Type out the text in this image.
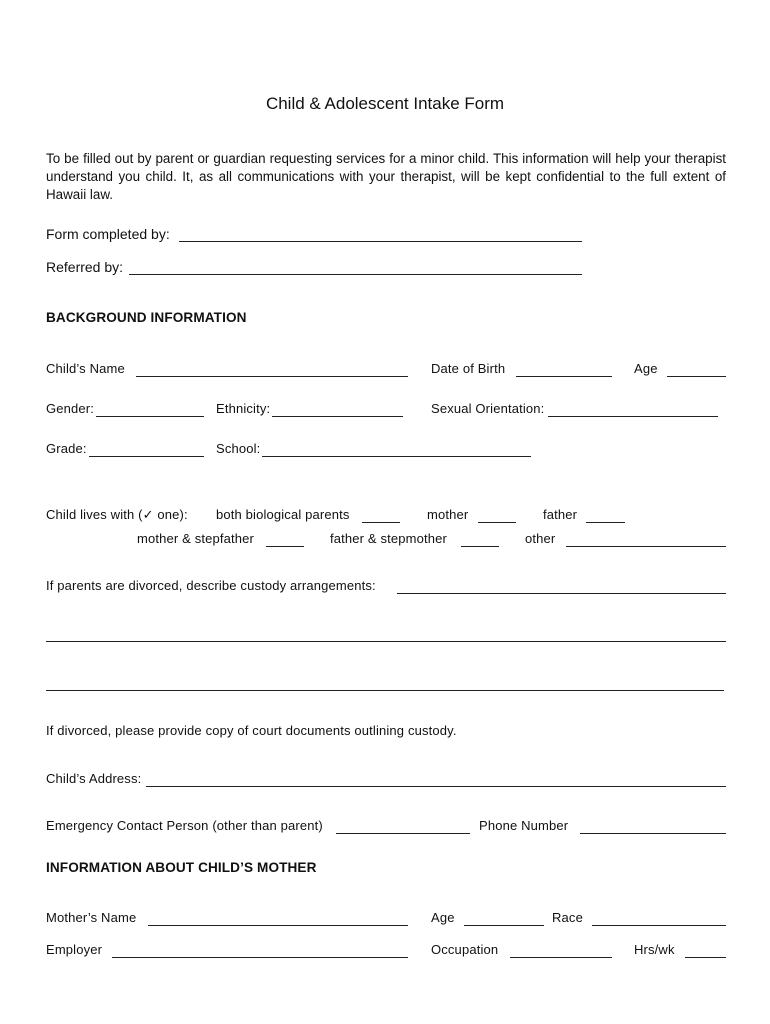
Child & Adolescent Intake Form
To be filled out by parent or guardian requesting services for a minor child. This information will help your therapist understand you child. It, as all communications with your therapist, will be kept confidential to the full extent of Hawaii law.
Form completed by:
Referred by:
BACKGROUND INFORMATION
Child’s Name	Date of Birth	Age
Gender:	Ethnicity:	Sexual Orientation:
Grade:	School:
Child lives with (✓ one): both biological parents	mother	father
mother & stepfather	father & stepmother	other
If parents are divorced, describe custody arrangements:
If divorced, please provide copy of court documents outlining custody.
Child’s Address:
Emergency Contact Person (other than parent)	Phone Number
INFORMATION ABOUT CHILD’S MOTHER
Mother’s Name	Age	Race
Employer	Occupation	Hrs/wk
